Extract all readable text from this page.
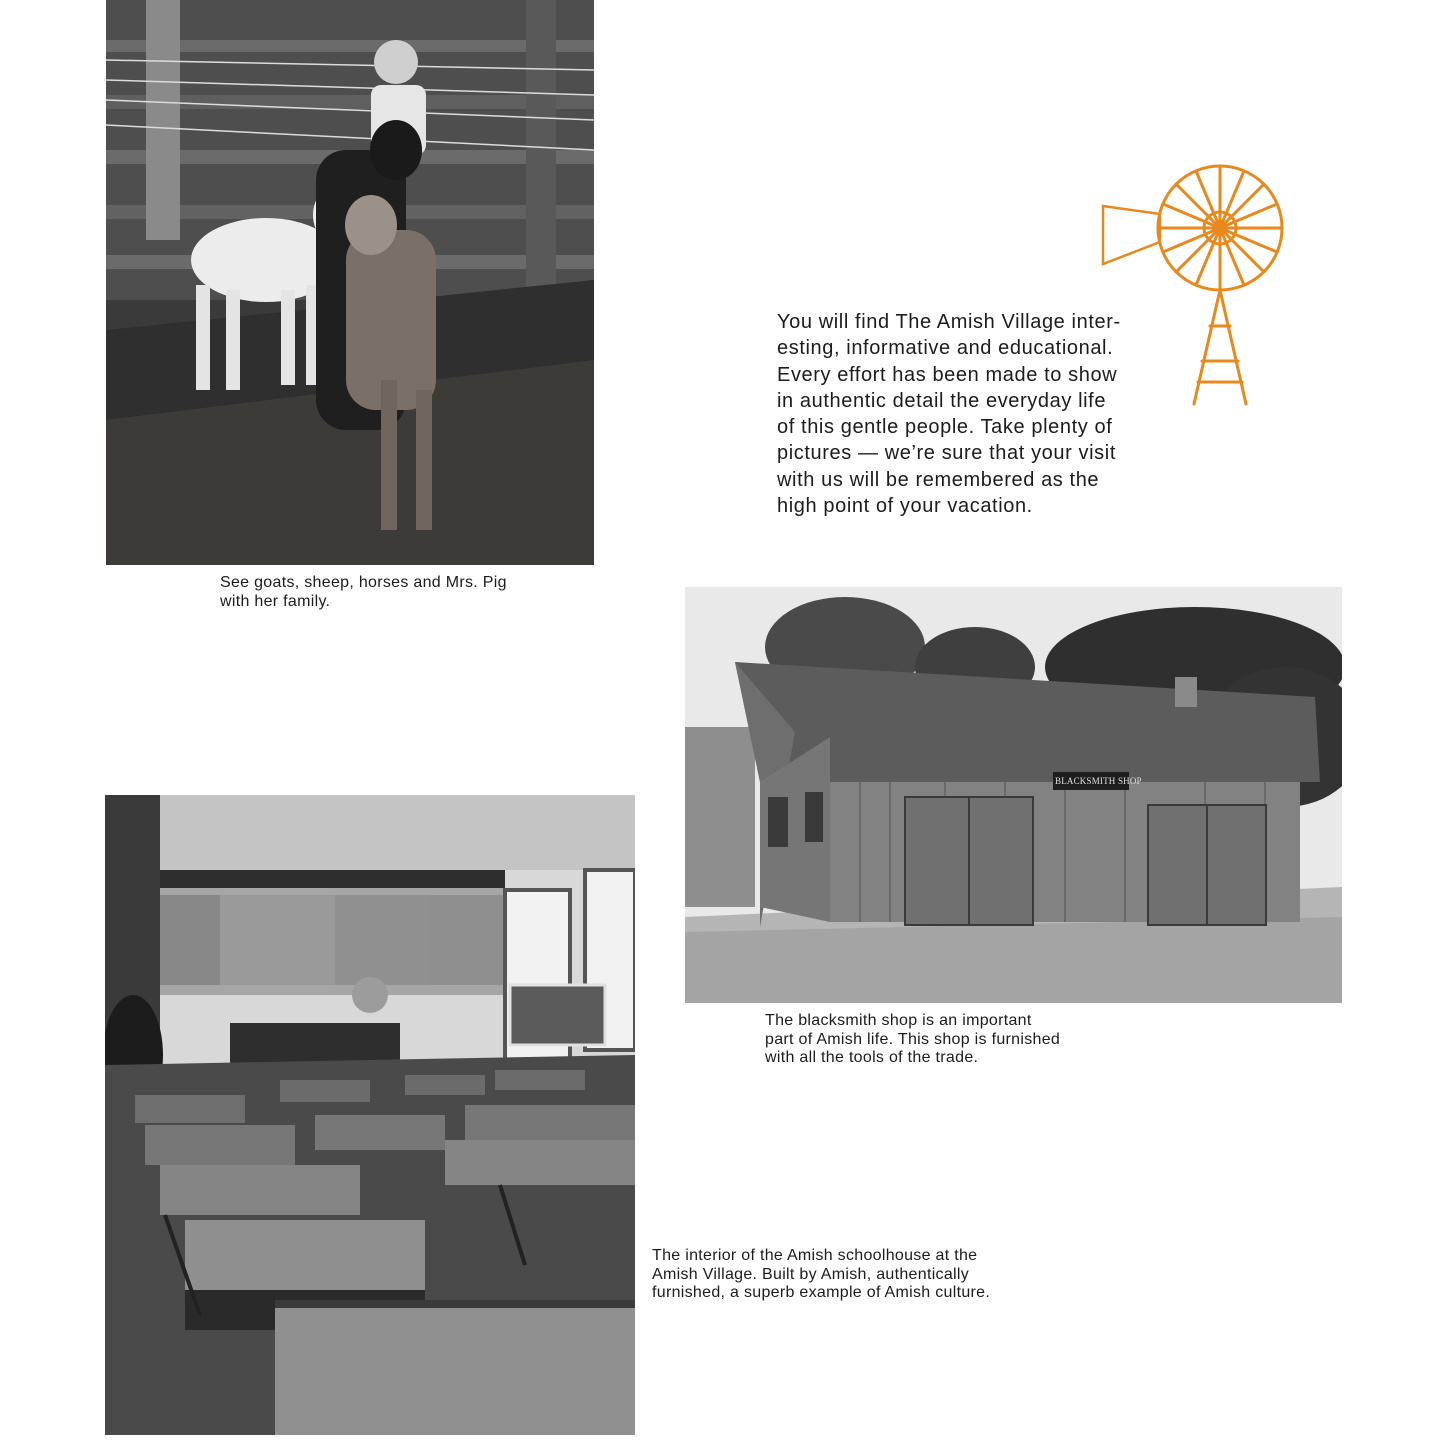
See goats, sheep, horses and Mrs. Pig
with her family.
You will find The Amish Village inter-
esting, informative and educational.
Every effort has been made to show
in authentic detail the everyday life
of this gentle people. Take plenty of
pictures — we’re sure that your visit
with us will be remembered as the
high point of your vacation.
BLACKSMITH SHOP
The blacksmith shop is an important
part of Amish life. This shop is furnished
with all the tools of the trade.
The interior of the Amish schoolhouse at the
Amish Village. Built by Amish, authentically
furnished, a superb example of Amish culture.
